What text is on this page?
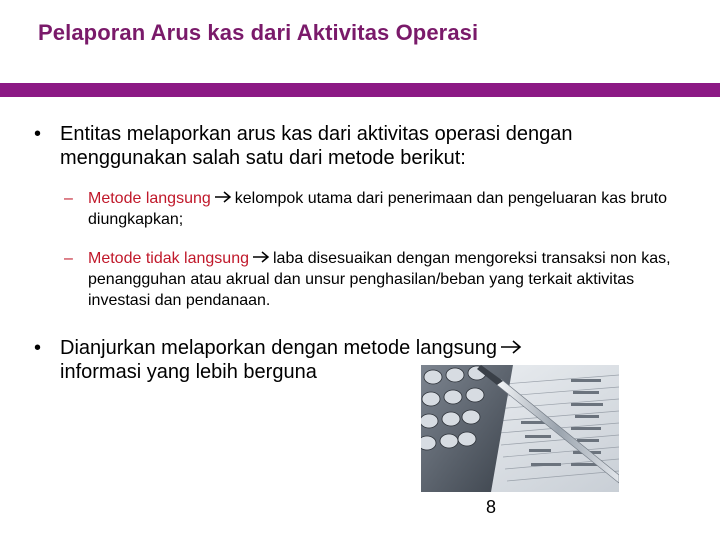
Pelaporan Arus kas dari Aktivitas Operasi
• Entitas melaporkan arus kas dari aktivitas operasi dengan menggunakan salah satu dari metode berikut:
– Metode langsung kelompok utama dari penerimaan dan pengeluaran kas bruto diungkapkan;
– Metode tidak langsung laba disesuaikan dengan mengoreksi transaksi non kas, penangguhan atau akrual dan unsur penghasilan/beban yang terkait aktivitas investasi dan pendanaan.
• Dianjurkan melaporkan dengan metode langsung
informasi yang lebih berguna
8
